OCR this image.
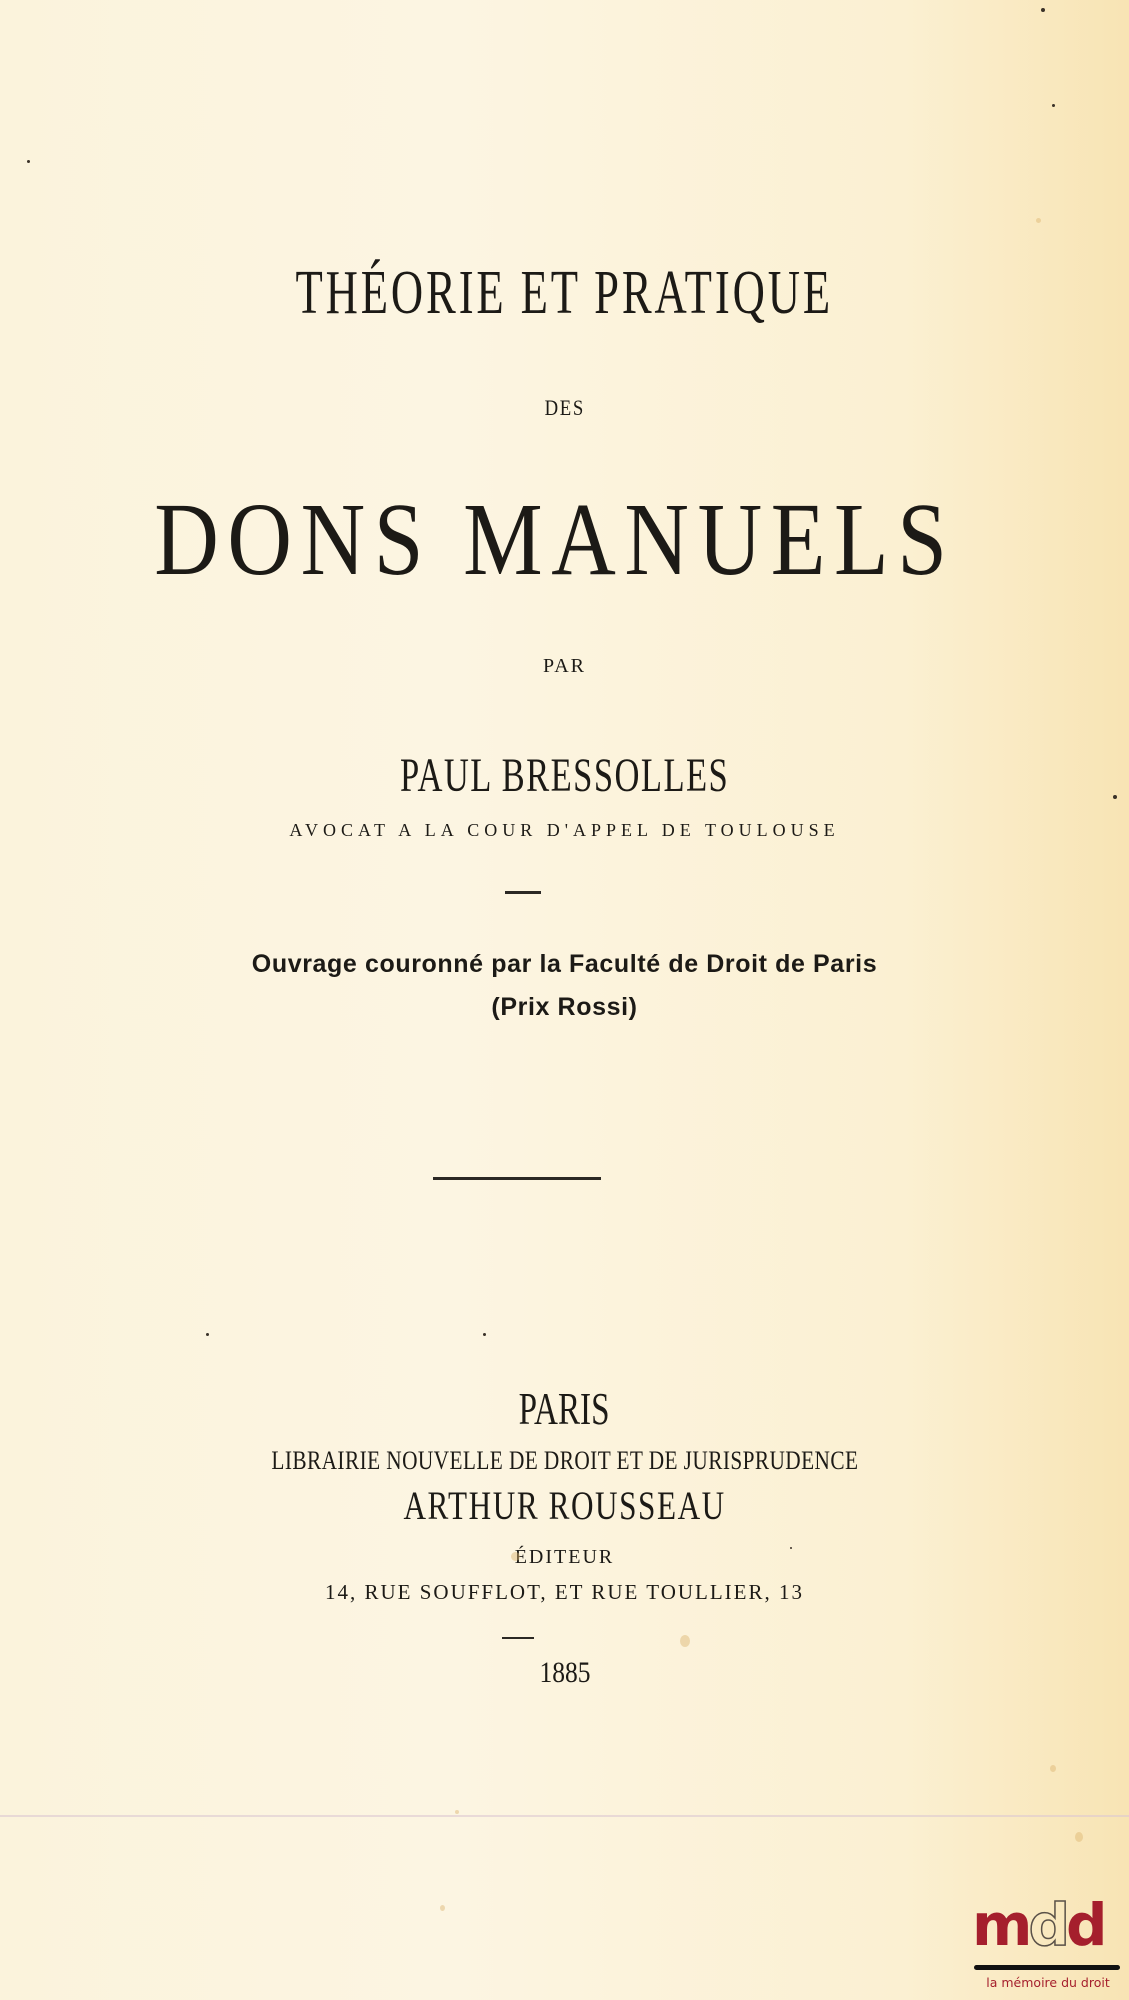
THÉORIE ET PRATIQUE
DES
DONS MANUELS
PAR
PAUL BRESSOLLES
AVOCAT A LA COUR D'APPEL DE TOULOUSE
Ouvrage couronné par la Faculté de Droit de Paris
(Prix Rossi)
PARIS
LIBRAIRIE NOUVELLE DE DROIT ET DE JURISPRUDENCE
ARTHUR ROUSSEAU
ÉDITEUR
14, RUE SOUFFLOT, ET RUE TOULLIER, 13
1885
mdd
la mémoire du droit
